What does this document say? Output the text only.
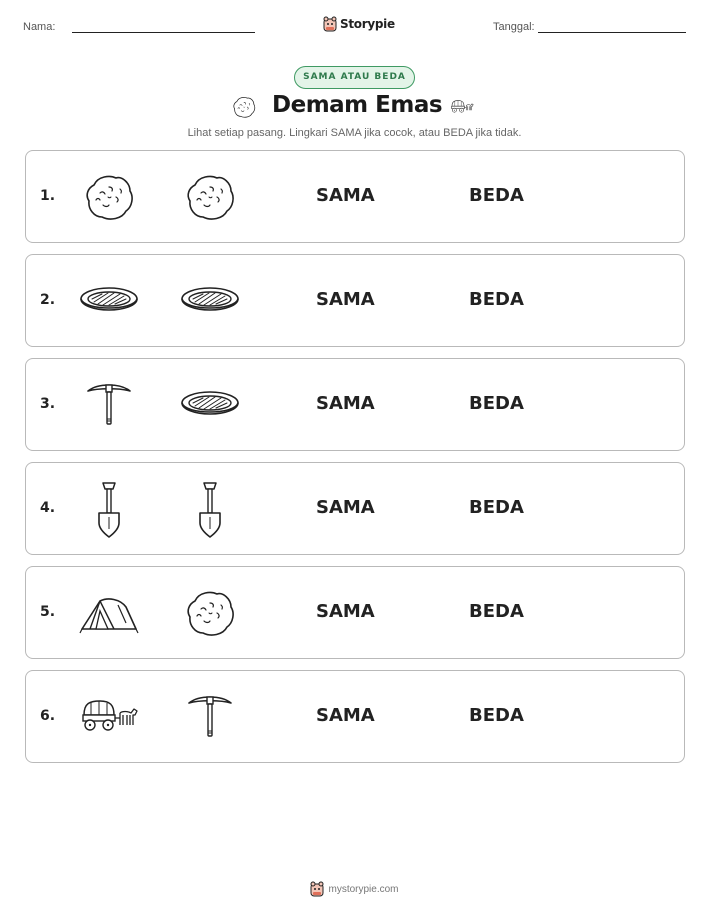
Nama:	Storypie	Tanggal:
SAMA ATAU BEDA
Demam Emas
Lihat setiap pasang. Lingkari SAMA jika cocok, atau BEDA jika tidak.
1.	SAMA	BEDA
2.	SAMA	BEDA
3.	SAMA	BEDA
4.	SAMA	BEDA
5.	SAMA	BEDA
6.	SAMA	BEDA
mystorypie.com
